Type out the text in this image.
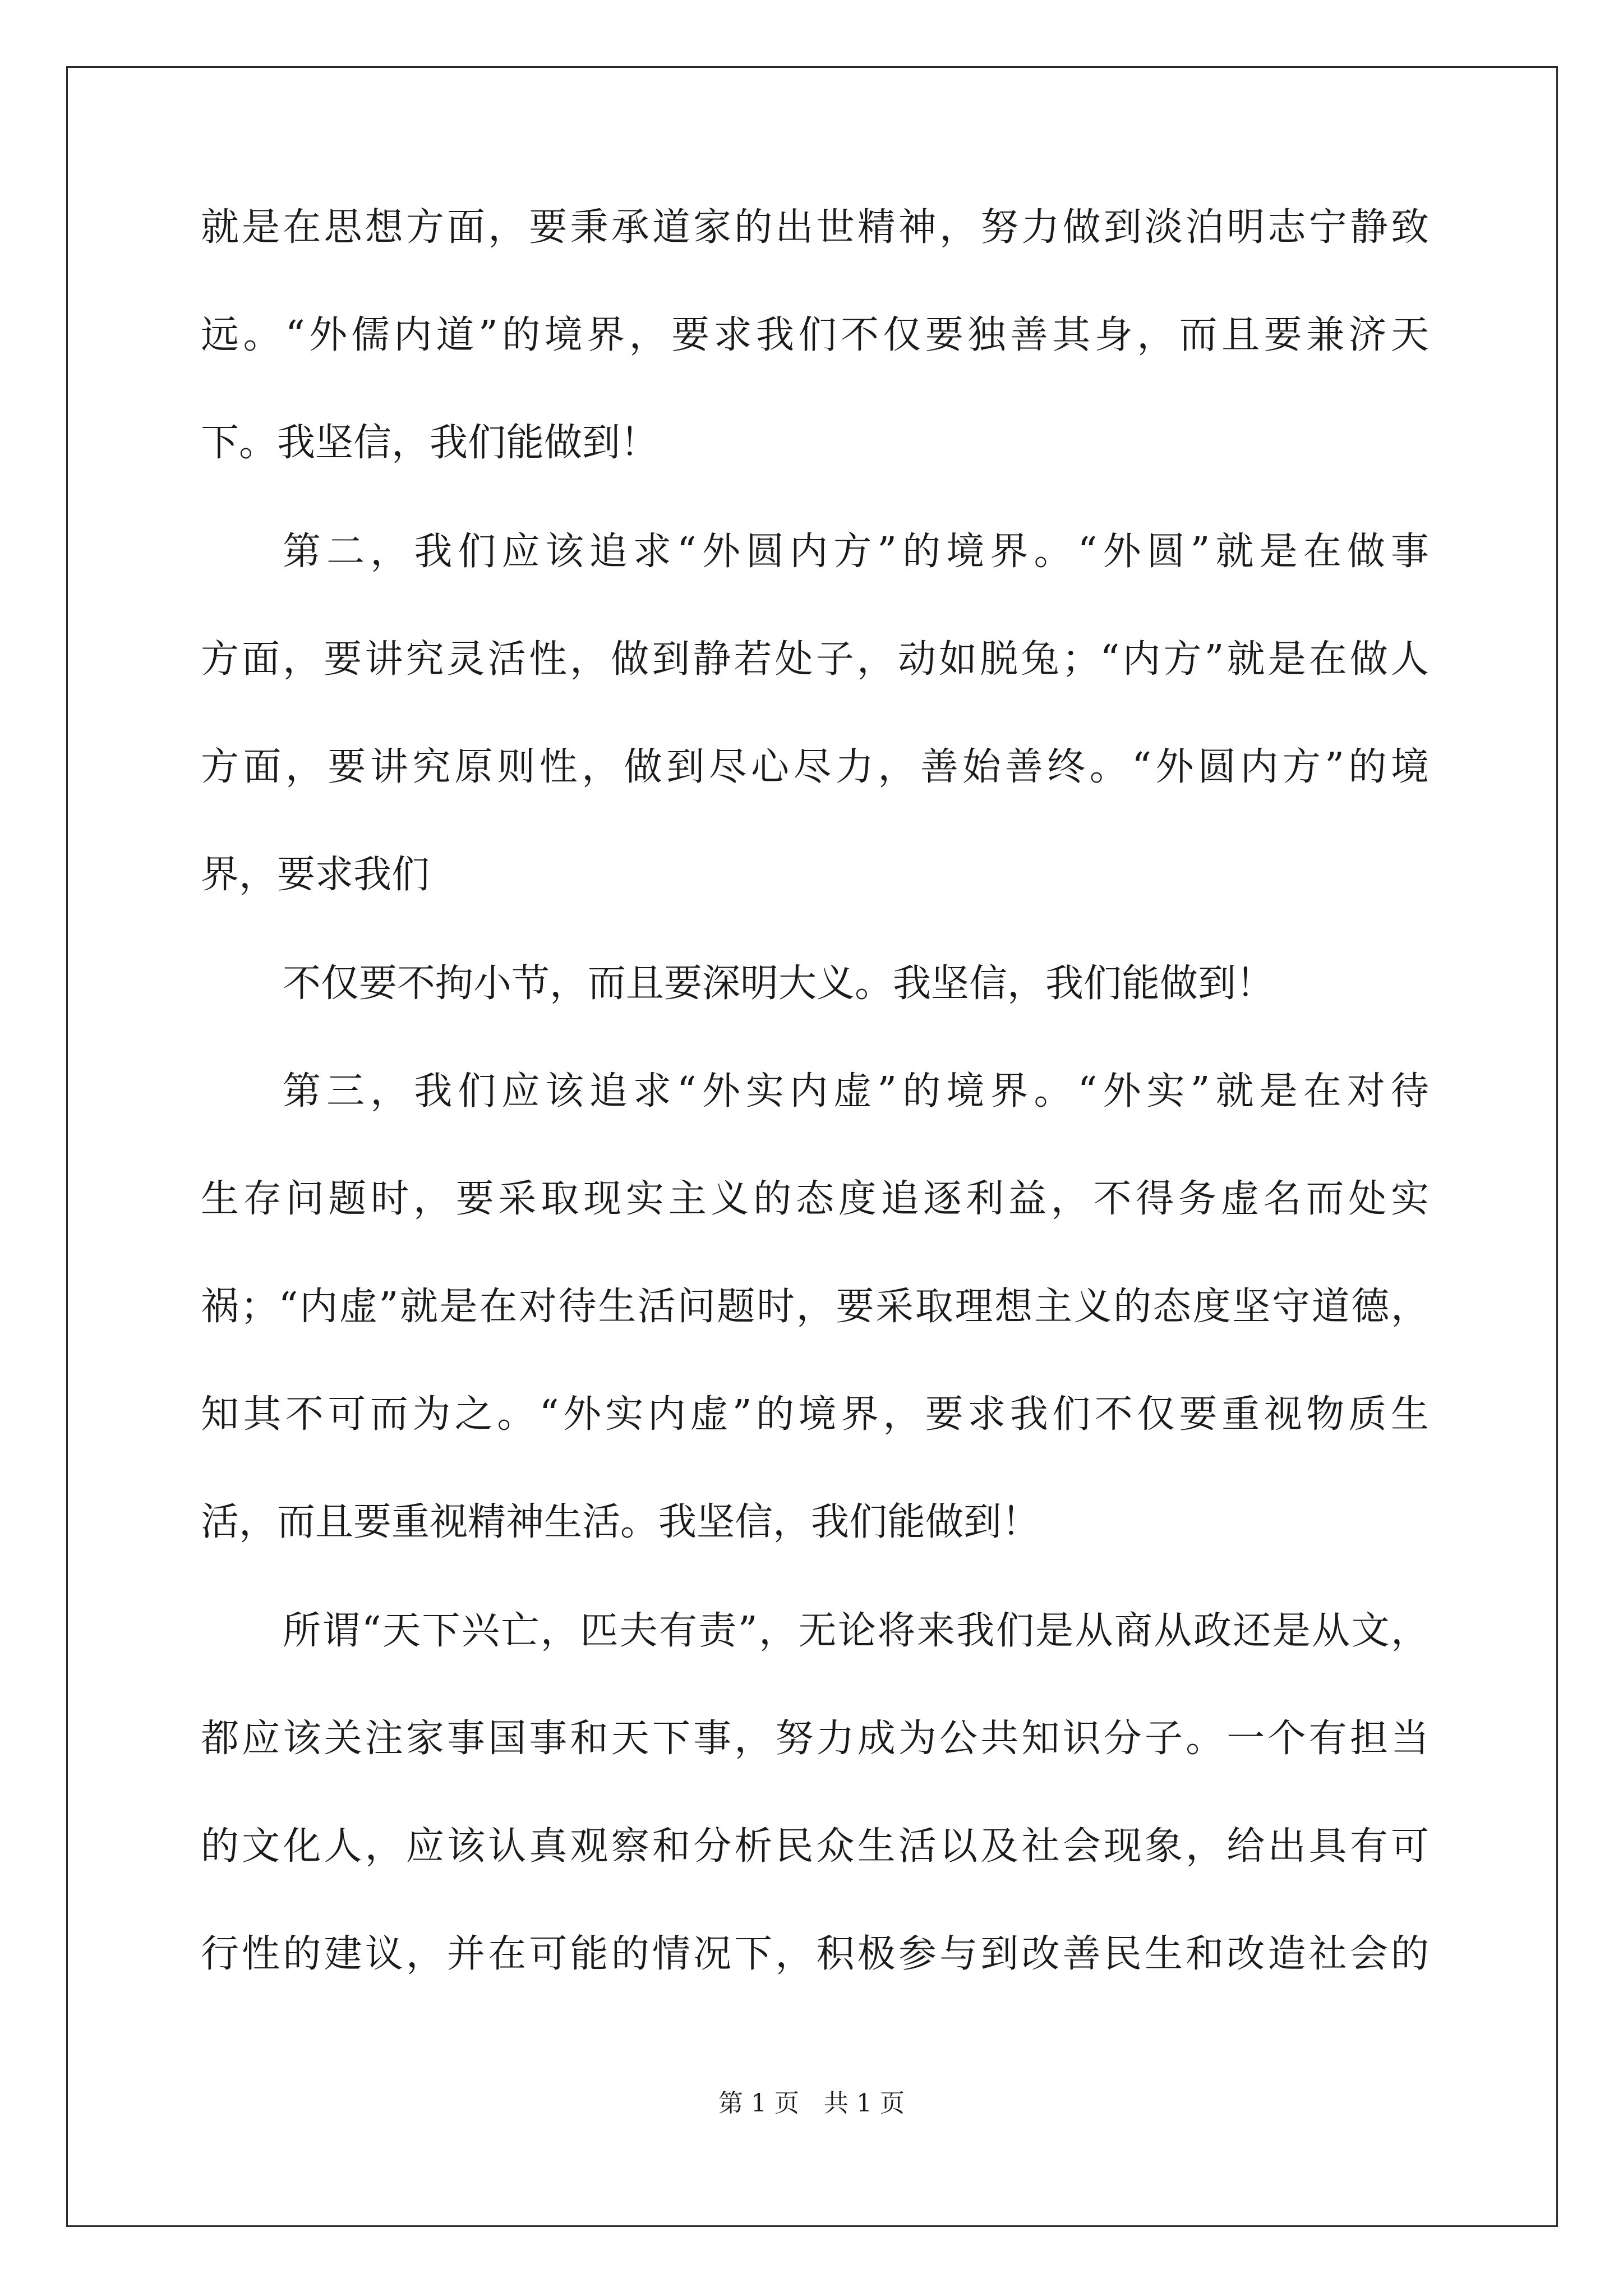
就是在思想方面，要秉承道家的出世精神，努力做到淡泊明志宁静致
远。“外儒内道”的境界，要求我们不仅要独善其身，而且要兼济天
下。我坚信，我们能做到！
第二，我们应该追求“外圆内方”的境界。“外圆”就是在做事
方面，要讲究灵活性，做到静若处子，动如脱兔；“内方”就是在做人
方面，要讲究原则性，做到尽心尽力，善始善终。“外圆内方”的境
界，要求我们
不仅要不拘小节，而且要深明大义。我坚信，我们能做到！
第三，我们应该追求“外实内虚”的境界。“外实”就是在对待
生存问题时，要采取现实主义的态度追逐利益，不得务虚名而处实
祸；“内虚”就是在对待生活问题时，要采取理想主义的态度坚守道德，
知其不可而为之。“外实内虚”的境界，要求我们不仅要重视物质生
活，而且要重视精神生活。我坚信，我们能做到！
所谓“天下兴亡，匹夫有责”，无论将来我们是从商从政还是从文，
都应该关注家事国事和天下事，努力成为公共知识分子。一个有担当
的文化人，应该认真观察和分析民众生活以及社会现象，给出具有可
行性的建议，并在可能的情况下，积极参与到改善民生和改造社会的
第 1 页　共 1 页
